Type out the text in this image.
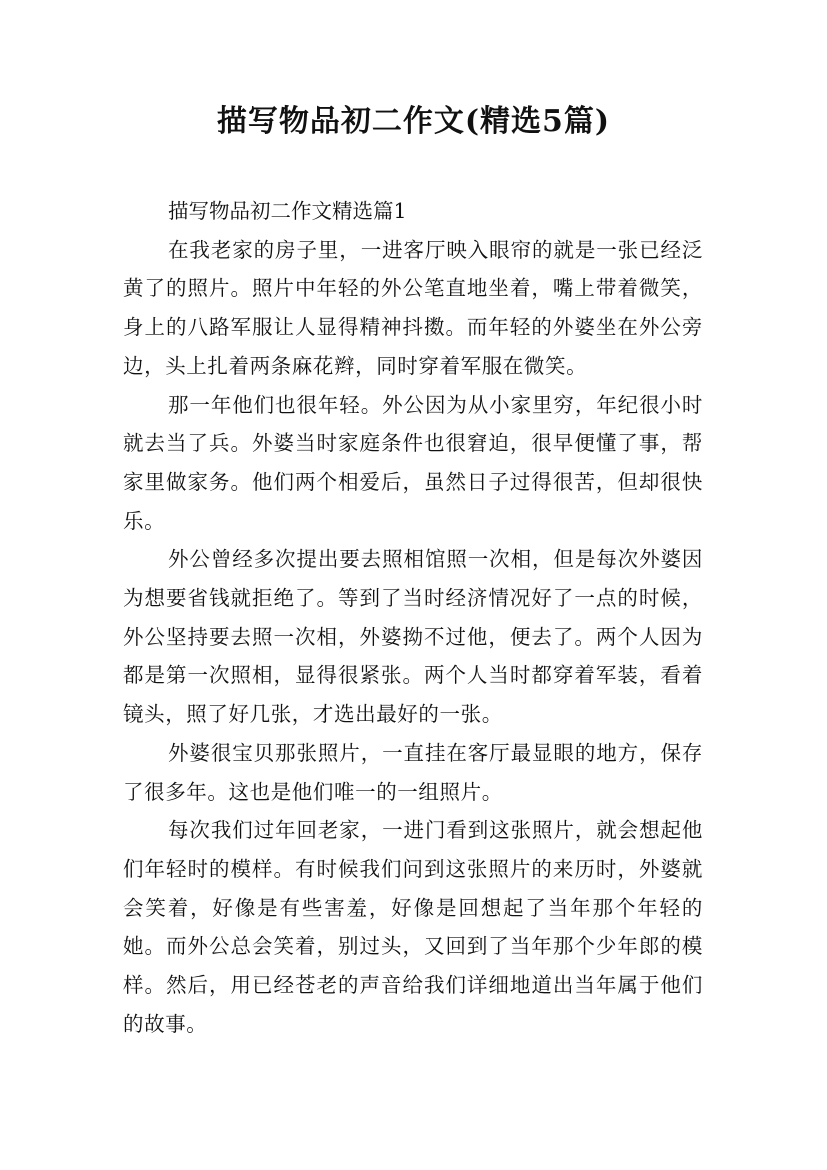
描写物品初二作文(精选5篇)
描写物品初二作文精选篇1

在我老家的房子里，一进客厅映入眼帘的就是一张已经泛黄了的照片。照片中年轻的外公笔直地坐着，嘴上带着微笑，身上的八路军服让人显得精神抖擞。而年轻的外婆坐在外公旁边，头上扎着两条麻花辫，同时穿着军服在微笑。

那一年他们也很年轻。外公因为从小家里穷，年纪很小时就去当了兵。外婆当时家庭条件也很窘迫，很早便懂了事，帮家里做家务。他们两个相爱后，虽然日子过得很苦，但却很快乐。

外公曾经多次提出要去照相馆照一次相，但是每次外婆因为想要省钱就拒绝了。等到了当时经济情况好了一点的时候，外公坚持要去照一次相，外婆拗不过他，便去了。两个人因为都是第一次照相，显得很紧张。两个人当时都穿着军装，看着镜头，照了好几张，才选出最好的一张。

外婆很宝贝那张照片，一直挂在客厅最显眼的地方，保存了很多年。这也是他们唯一的一组照片。

每次我们过年回老家，一进门看到这张照片，就会想起他们年轻时的模样。有时候我们问到这张照片的来历时，外婆就会笑着，好像是有些害羞，好像是回想起了当年那个年轻的她。而外公总会笑着，别过头，又回到了当年那个少年郎的模样。然后，用已经苍老的声音给我们详细地道出当年属于他们的故事。
